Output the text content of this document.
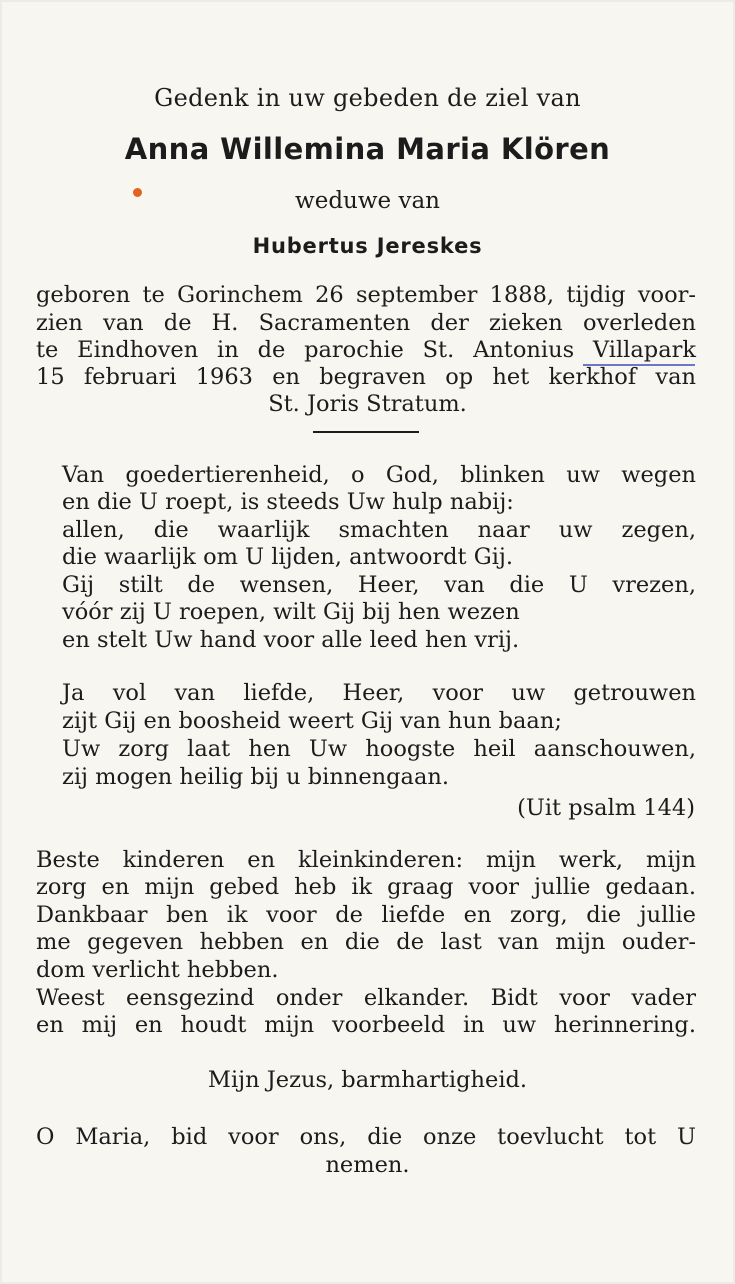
Gedenk in uw gebeden de ziel van
Anna Willemina Maria Klören
weduwe van
Hubertus Jereskes
geboren te Gorinchem 26 september 1888, tijdig voor-
zien van de H. Sacramenten der zieken overleden
te Eindhoven in de parochie St. Antonius Villapark
15 februari 1963 en begraven op het kerkhof van
St. Joris Stratum.
Van goedertierenheid, o God, blinken uw wegen
en die U roept, is steeds Uw hulp nabij:
allen, die waarlijk smachten naar uw zegen,
die waarlijk om U lijden, antwoordt Gij.
Gij stilt de wensen, Heer, van die U vrezen,
vóór zij U roepen, wilt Gij bij hen wezen
en stelt Uw hand voor alle leed hen vrij.
Ja vol van liefde, Heer, voor uw getrouwen
zijt Gij en boosheid weert Gij van hun baan;
Uw zorg laat hen Uw hoogste heil aanschouwen,
zij mogen heilig bij u binnengaan.
(Uit psalm 144)
Beste kinderen en kleinkinderen: mijn werk, mijn
zorg en mijn gebed heb ik graag voor jullie gedaan.
Dankbaar ben ik voor de liefde en zorg, die jullie
me gegeven hebben en die de last van mijn ouder-
dom verlicht hebben.
Weest eensgezind onder elkander. Bidt voor vader
en mij en houdt mijn voorbeeld in uw herinnering.
Mijn Jezus, barmhartigheid.
O Maria, bid voor ons, die onze toevlucht tot U
nemen.
